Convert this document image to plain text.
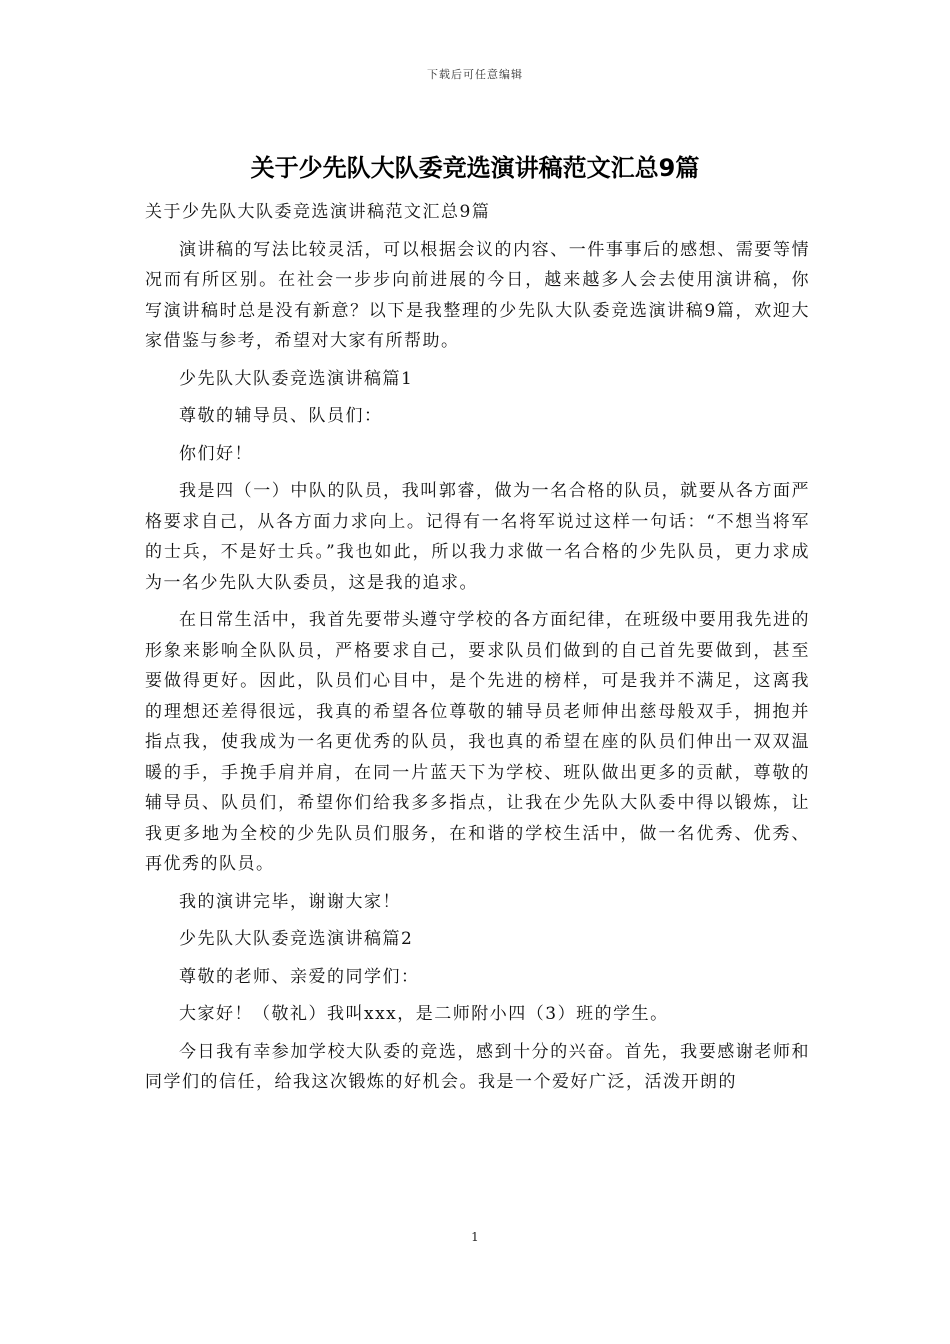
下载后可任意编辑
关于少先队大队委竞选演讲稿范文汇总9篇

关于少先队大队委竞选演讲稿范文汇总9篇

演讲稿的写法比较灵活，可以根据会议的内容、一件事事后的感想、需要等情况而有所区别。在社会一步步向前进展的今日，越来越多人会去使用演讲稿，你写演讲稿时总是没有新意？以下是我整理的少先队大队委竞选演讲稿9篇，欢迎大家借鉴与参考，希望对大家有所帮助。

少先队大队委竞选演讲稿篇1

尊敬的辅导员、队员们：

你们好！

我是四（一）中队的队员，我叫郭睿，做为一名合格的队员，就要从各方面严格要求自己，从各方面力求向上。记得有一名将军说过这样一句话：“不想当将军的士兵，不是好士兵。”我也如此，所以我力求做一名合格的少先队员，更力求成为一名少先队大队委员，这是我的追求。

在日常生活中，我首先要带头遵守学校的各方面纪律，在班级中要用我先进的形象来影响全队队员，严格要求自己，要求队员们做到的自己首先要做到，甚至要做得更好。因此，队员们心目中，是个先进的榜样，可是我并不满足，这离我的理想还差得很远，我真的希望各位尊敬的辅导员老师伸出慈母般双手，拥抱并指点我，使我成为一名更优秀的队员，我也真的希望在座的队员们伸出一双双温暖的手，手挽手肩并肩，在同一片蓝天下为学校、班队做出更多的贡献，尊敬的辅导员、队员们，希望你们给我多多指点，让我在少先队大队委中得以锻炼，让我更多地为全校的少先队员们服务，在和谐的学校生活中，做一名优秀、优秀、再优秀的队员。

我的演讲完毕，谢谢大家！

少先队大队委竞选演讲稿篇2

尊敬的老师、亲爱的同学们：

大家好！（敬礼）我叫xxx，是二师附小四（3）班的学生。

今日我有幸参加学校大队委的竞选，感到十分的兴奋。首先，我要感谢老师和同学们的信任，给我这次锻炼的好机会。我是一个爱好广泛，活泼开朗的

1
